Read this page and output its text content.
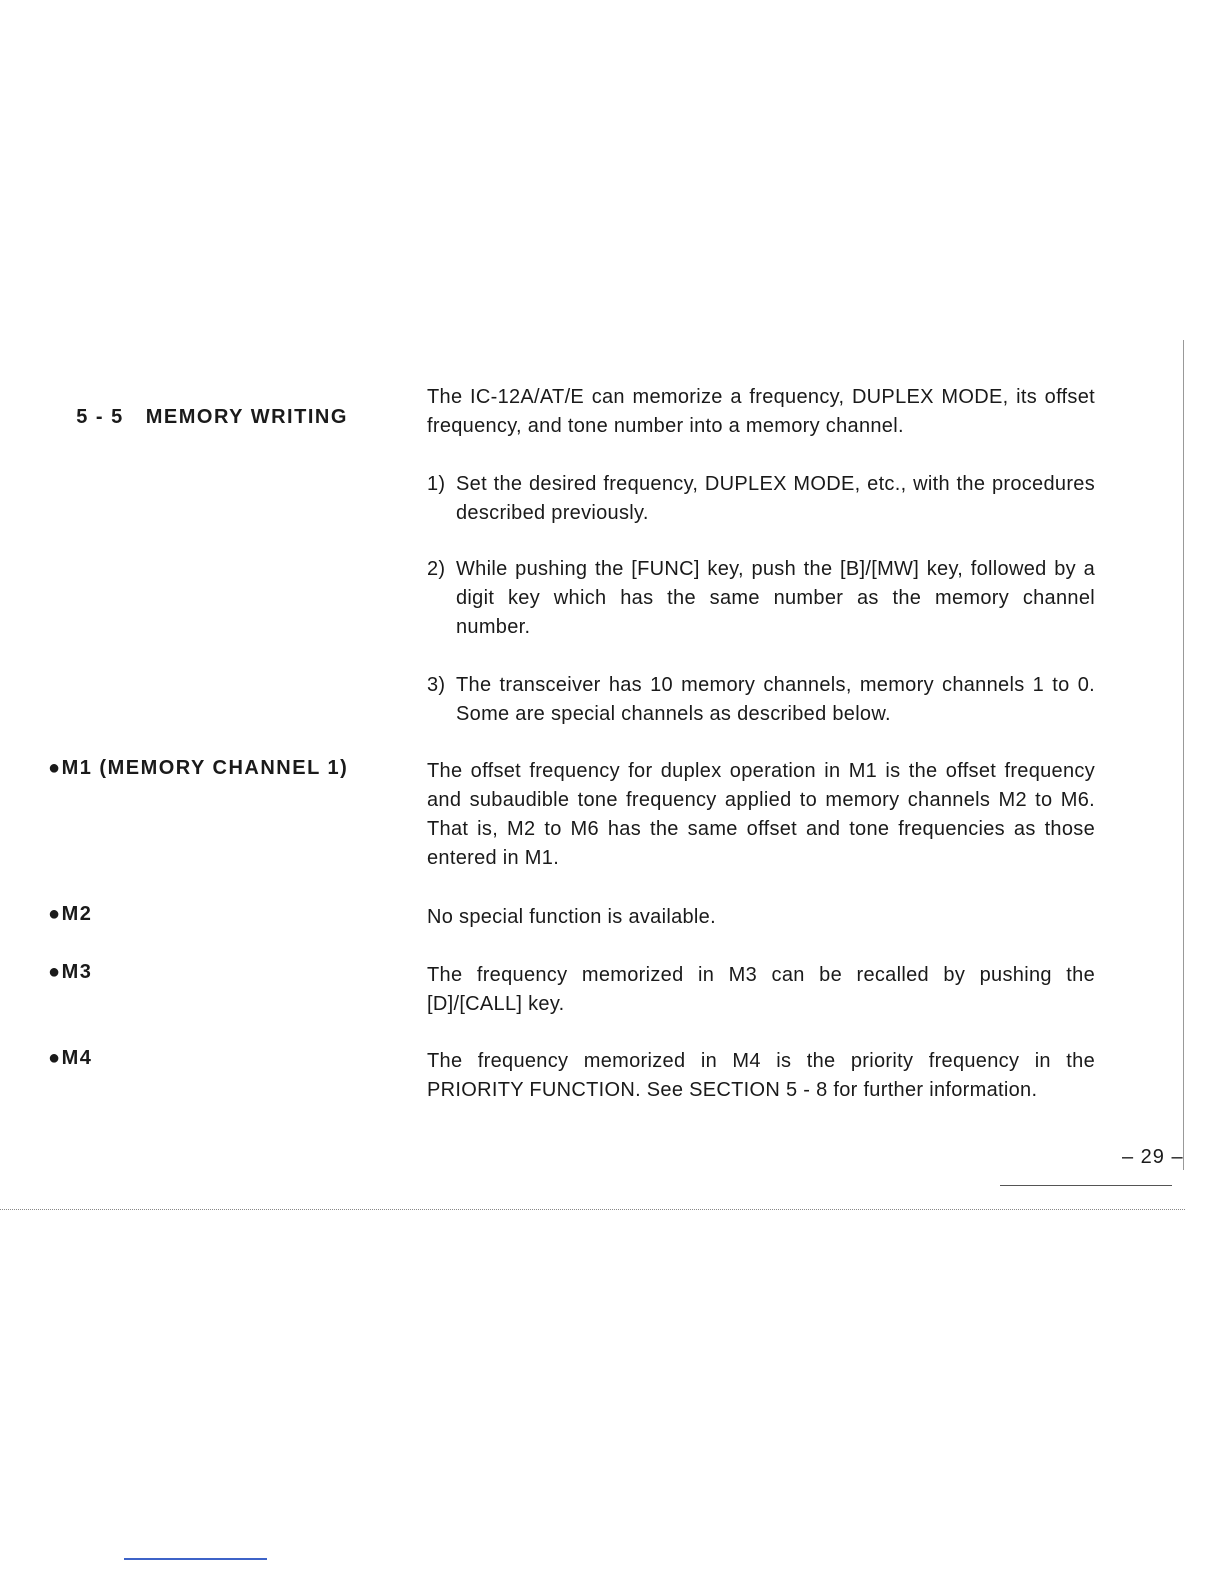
5 - 5 MEMORY WRITING

The IC-12A/AT/E can memorize a frequency, DUPLEX MODE, its offset frequency, and tone number into a memory channel.
1) Set the desired frequency, DUPLEX MODE, etc., with the procedures described previously.
2) While pushing the [FUNC] key, push the [B]/[MW] key, followed by a digit key which has the same number as the memory channel number.
3) The transceiver has 10 memory channels, memory channels 1 to 0. Some are special channels as described below.
●M1 (MEMORY CHANNEL 1)	The offset frequency for duplex operation in M1 is the offset frequency and subaudible tone frequency applied to memory channels M2 to M6. That is, M2 to M6 has the same offset and tone frequencies as those entered in M1.
●M2	No special function is available.
●M3	The frequency memorized in M3 can be recalled by pushing the [D]/[CALL] key.
●M4	The frequency memorized in M4 is the priority frequency in the PRIORITY FUNCTION. See SECTION 5 - 8 for further information.
– 29 –
